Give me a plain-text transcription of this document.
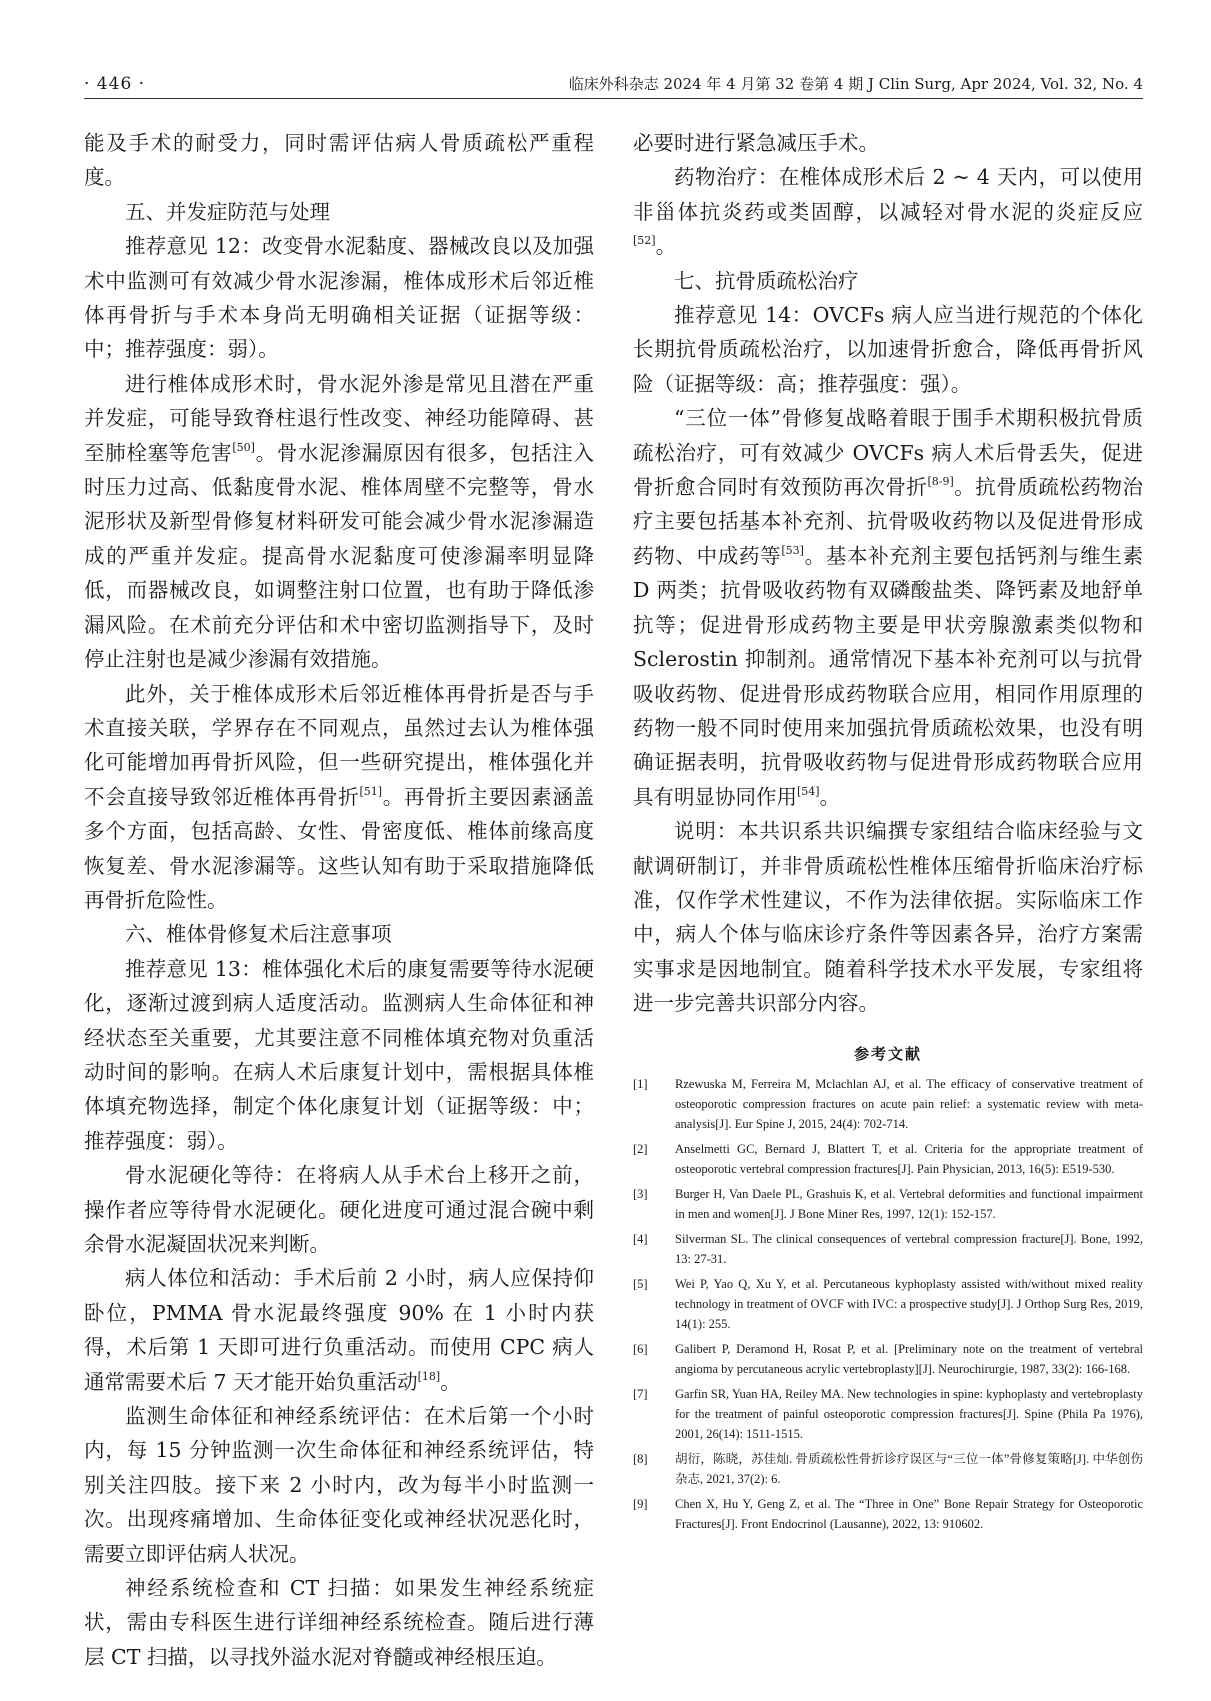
· 446 ·	临床外科杂志 2024 年 4 月第 32 卷第 4 期 J Clin Surg, Apr 2024, Vol. 32, No. 4

能及手术的耐受力，同时需评估病人骨质疏松严重程度。

五、并发症防范与处理

推荐意见 12：改变骨水泥黏度、器械改良以及加强术中监测可有效减少骨水泥渗漏，椎体成形术后邻近椎体再骨折与手术本身尚无明确相关证据（证据等级：中；推荐强度：弱）。

进行椎体成形术时，骨水泥外渗是常见且潜在严重并发症，可能导致脊柱退行性改变、神经功能障碍、甚至肺栓塞等危害[50]。骨水泥渗漏原因有很多，包括注入时压力过高、低黏度骨水泥、椎体周壁不完整等，骨水泥形状及新型骨修复材料研发可能会减少骨水泥渗漏造成的严重并发症。提高骨水泥黏度可使渗漏率明显降低，而器械改良，如调整注射口位置，也有助于降低渗漏风险。在术前充分评估和术中密切监测指导下，及时停止注射也是减少渗漏有效措施。

此外，关于椎体成形术后邻近椎体再骨折是否与手术直接关联，学界存在不同观点，虽然过去认为椎体强化可能增加再骨折风险，但一些研究提出，椎体强化并不会直接导致邻近椎体再骨折[51]。再骨折主要因素涵盖多个方面，包括高龄、女性、骨密度低、椎体前缘高度恢复差、骨水泥渗漏等。这些认知有助于采取措施降低再骨折危险性。

六、椎体骨修复术后注意事项

推荐意见 13：椎体强化术后的康复需要等待水泥硬化，逐渐过渡到病人适度活动。监测病人生命体征和神经状态至关重要，尤其要注意不同椎体填充物对负重活动时间的影响。在病人术后康复计划中，需根据具体椎体填充物选择，制定个体化康复计划（证据等级：中；推荐强度：弱）。

骨水泥硬化等待：在将病人从手术台上移开之前，操作者应等待骨水泥硬化。硬化进度可通过混合碗中剩余骨水泥凝固状况来判断。

病人体位和活动：手术后前 2 小时，病人应保持仰卧位，PMMA 骨水泥最终强度 90% 在 1 小时内获得，术后第 1 天即可进行负重活动。而使用 CPC 病人通常需要术后 7 天才能开始负重活动[18]。

监测生命体征和神经系统评估：在术后第一个小时内，每 15 分钟监测一次生命体征和神经系统评估，特别关注四肢。接下来 2 小时内，改为每半小时监测一次。出现疼痛增加、生命体征变化或神经状况恶化时，需要立即评估病人状况。

神经系统检查和 CT 扫描：如果发生神经系统症状，需由专科医生进行详细神经系统检查。随后进行薄层 CT 扫描，以寻找外溢水泥对脊髓或神经根压迫。

必要时进行紧急减压手术。

药物治疗：在椎体成形术后 2 ~ 4 天内，可以使用非甾体抗炎药或类固醇，以减轻对骨水泥的炎症反应[52]。

七、抗骨质疏松治疗

推荐意见 14：OVCFs 病人应当进行规范的个体化长期抗骨质疏松治疗，以加速骨折愈合，降低再骨折风险（证据等级：高；推荐强度：强）。

“三位一体”骨修复战略着眼于围手术期积极抗骨质疏松治疗，可有效减少 OVCFs 病人术后骨丢失，促进骨折愈合同时有效预防再次骨折[8-9]。抗骨质疏松药物治疗主要包括基本补充剂、抗骨吸收药物以及促进骨形成药物、中成药等[53]。基本补充剂主要包括钙剂与维生素 D 两类；抗骨吸收药物有双磷酸盐类、降钙素及地舒单抗等；促进骨形成药物主要是甲状旁腺激素类似物和 Sclerostin 抑制剂。通常情况下基本补充剂可以与抗骨吸收药物、促进骨形成药物联合应用，相同作用原理的药物一般不同时使用来加强抗骨质疏松效果，也没有明确证据表明，抗骨吸收药物与促进骨形成药物联合应用具有明显协同作用[54]。

说明：本共识系共识编撰专家组结合临床经验与文献调研制订，并非骨质疏松性椎体压缩骨折临床治疗标准，仅作学术性建议，不作为法律依据。实际临床工作中，病人个体与临床诊疗条件等因素各异，治疗方案需实事求是因地制宜。随着科学技术水平发展，专家组将进一步完善共识部分内容。

参考文献
[1]	Rzewuska M, Ferreira M, Mclachlan AJ, et al. The efficacy of conservative treatment of osteoporotic compression fractures on acute pain relief: a systematic review with meta-analysis[J]. Eur Spine J, 2015, 24(4): 702-714.
[2]	Anselmetti GC, Bernard J, Blattert T, et al. Criteria for the appropriate treatment of osteoporotic vertebral compression fractures[J]. Pain Physician, 2013, 16(5): E519-530.
[3]	Burger H, Van Daele PL, Grashuis K, et al. Vertebral deformities and functional impairment in men and women[J]. J Bone Miner Res, 1997, 12(1): 152-157.
[4]	Silverman SL. The clinical consequences of vertebral compression fracture[J]. Bone, 1992, 13: 27-31.
[5]	Wei P, Yao Q, Xu Y, et al. Percutaneous kyphoplasty assisted with/without mixed reality technology in treatment of OVCF with IVC: a prospective study[J]. J Orthop Surg Res, 2019, 14(1): 255.
[6]	Galibert P, Deramond H, Rosat P, et al. [Preliminary note on the treatment of vertebral angioma by percutaneous acrylic vertebroplasty][J]. Neurochirurgie, 1987, 33(2): 166-168.
[7]	Garfin SR, Yuan HA, Reiley MA. New technologies in spine: kyphoplasty and vertebroplasty for the treatment of painful osteoporotic compression fractures[J]. Spine (Phila Pa 1976), 2001, 26(14): 1511-1515.
[8]	胡衍，陈晓，苏佳灿. 骨质疏松性骨折诊疗误区与“三位一体”骨修复策略[J]. 中华创伤杂志, 2021, 37(2): 6.
[9]	Chen X, Hu Y, Geng Z, et al. The “Three in One” Bone Repair Strategy for Osteoporotic Fractures[J]. Front Endocrinol (Lausanne), 2022, 13: 910602.
